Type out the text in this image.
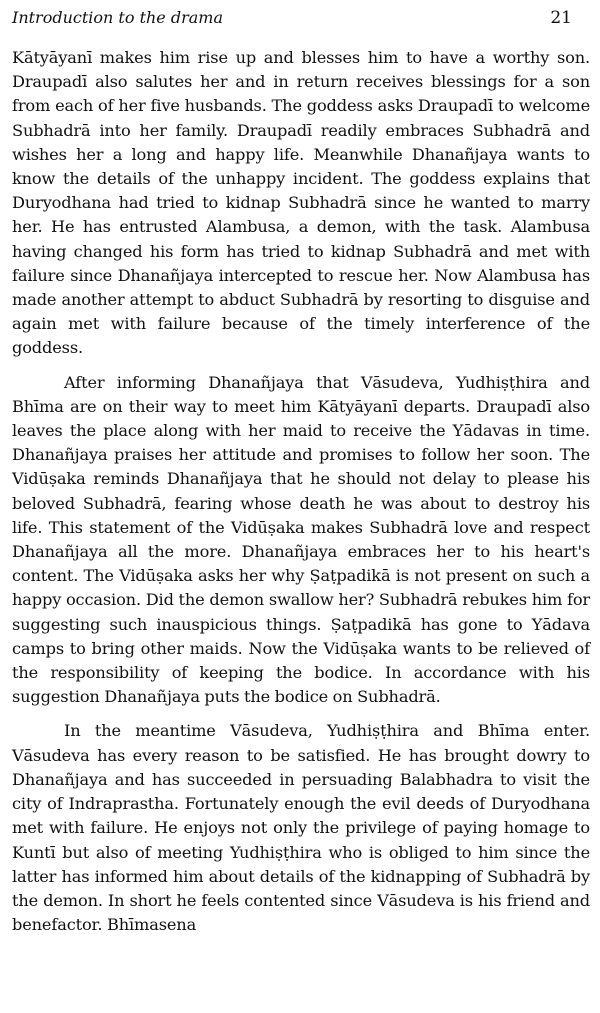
Introduction to the drama	21

Kātyāyanī makes him rise up and blesses him to have a worthy son. Draupadī also salutes her and in return receives blessings for a son from each of her five husbands. The goddess asks Draupadī to welcome Subhadrā into her family. Draupadī readily embraces Subhadrā and wishes her a long and happy life. Meanwhile Dhanañjaya wants to know the details of the unhappy incident. The goddess explains that Duryodhana had tried to kidnap Subhadrā since he wanted to marry her. He has entrusted Alambusa, a demon, with the task. Alambusa having changed his form has tried to kidnap Subhadrā and met with failure since Dhanañjaya intercepted to rescue her. Now Alambusa has made another attempt to abduct Subhadrā by resorting to disguise and again met with failure because of the timely interference of the goddess.

After informing Dhanañjaya that Vāsudeva, Yudhiṣṭhira and Bhīma are on their way to meet him Kātyāyanī departs. Draupadī also leaves the place along with her maid to receive the Yādavas in time. Dhanañjaya praises her attitude and promises to follow her soon. The Vidūṣaka reminds Dhanañjaya that he should not delay to please his beloved Subhadrā, fearing whose death he was about to destroy his life. This statement of the Vidūṣaka makes Subhadrā love and respect Dhanañjaya all the more. Dhanañjaya embraces her to his heart's content. The Vidūṣaka asks her why Ṣaṭpadikā is not present on such a happy occasion. Did the demon swallow her? Subhadrā rebukes him for suggesting such inauspicious things. Ṣaṭpadikā has gone to Yādava camps to bring other maids. Now the Vidūṣaka wants to be relieved of the responsibility of keeping the bodice. In accordance with his suggestion Dhanañjaya puts the bodice on Subhadrā.

In the meantime Vāsudeva, Yudhiṣṭhira and Bhīma enter. Vāsudeva has every reason to be satisfied. He has brought dowry to Dhanañjaya and has succeeded in persuading Balabhadra to visit the city of Indraprastha. Fortunately enough the evil deeds of Duryodhana met with failure. He enjoys not only the privilege of paying homage to Kuntī but also of meeting Yudhiṣṭhira who is obliged to him since the latter has informed him about details of the kidnapping of Subhadrā by the demon. In short he feels contented since Vāsudeva is his friend and benefactor. Bhīmasena
